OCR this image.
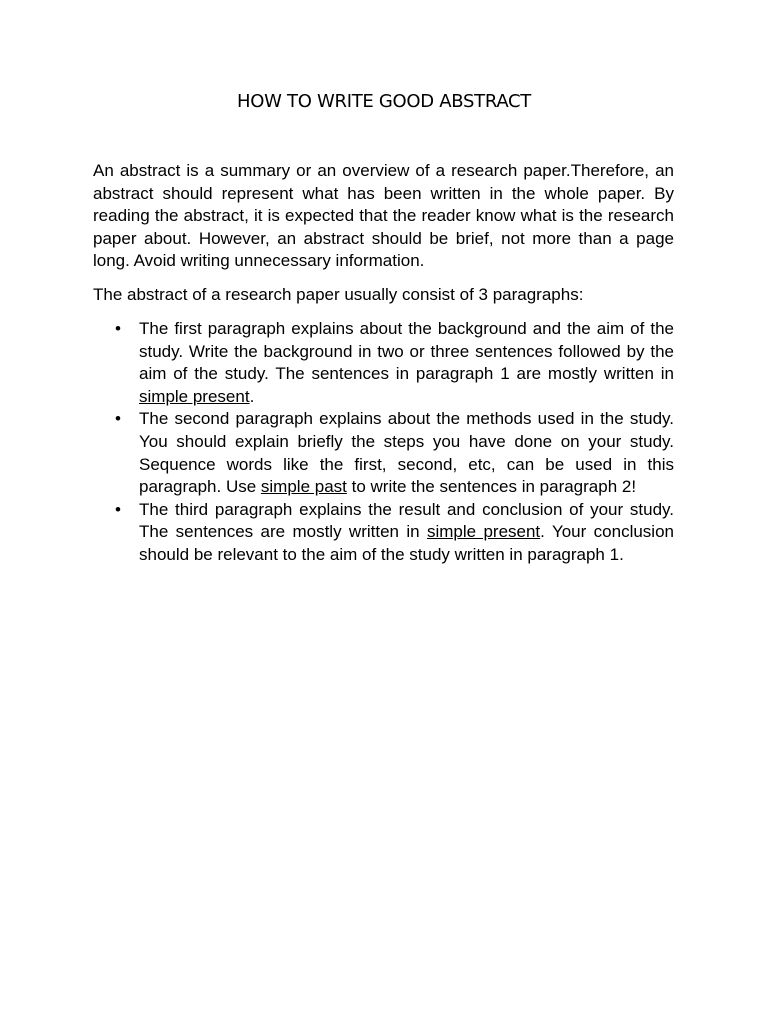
HOW TO WRITE GOOD ABSTRACT

An abstract is a summary or an overview of a research paper.Therefore, an abstract should represent what has been written in the whole paper. By reading the abstract, it is expected that the reader know what is the research paper about. However, an abstract should be brief, not more than a page long. Avoid writing unnecessary information.

The abstract of a research paper usually consist of 3 paragraphs:

• The first paragraph explains about the background and the aim of the study. Write the background in two or three sentences followed by the aim of the study. The sentences in paragraph 1 are mostly written in simple present.
• The second paragraph explains about the methods used in the study. You should explain briefly the steps you have done on your study. Sequence words like the first, second, etc, can be used in this paragraph. Use simple past to write the sentences in paragraph 2!
• The third paragraph explains the result and conclusion of your study. The sentences are mostly written in simple present. Your conclusion should be relevant to the aim of the study written in paragraph 1.
